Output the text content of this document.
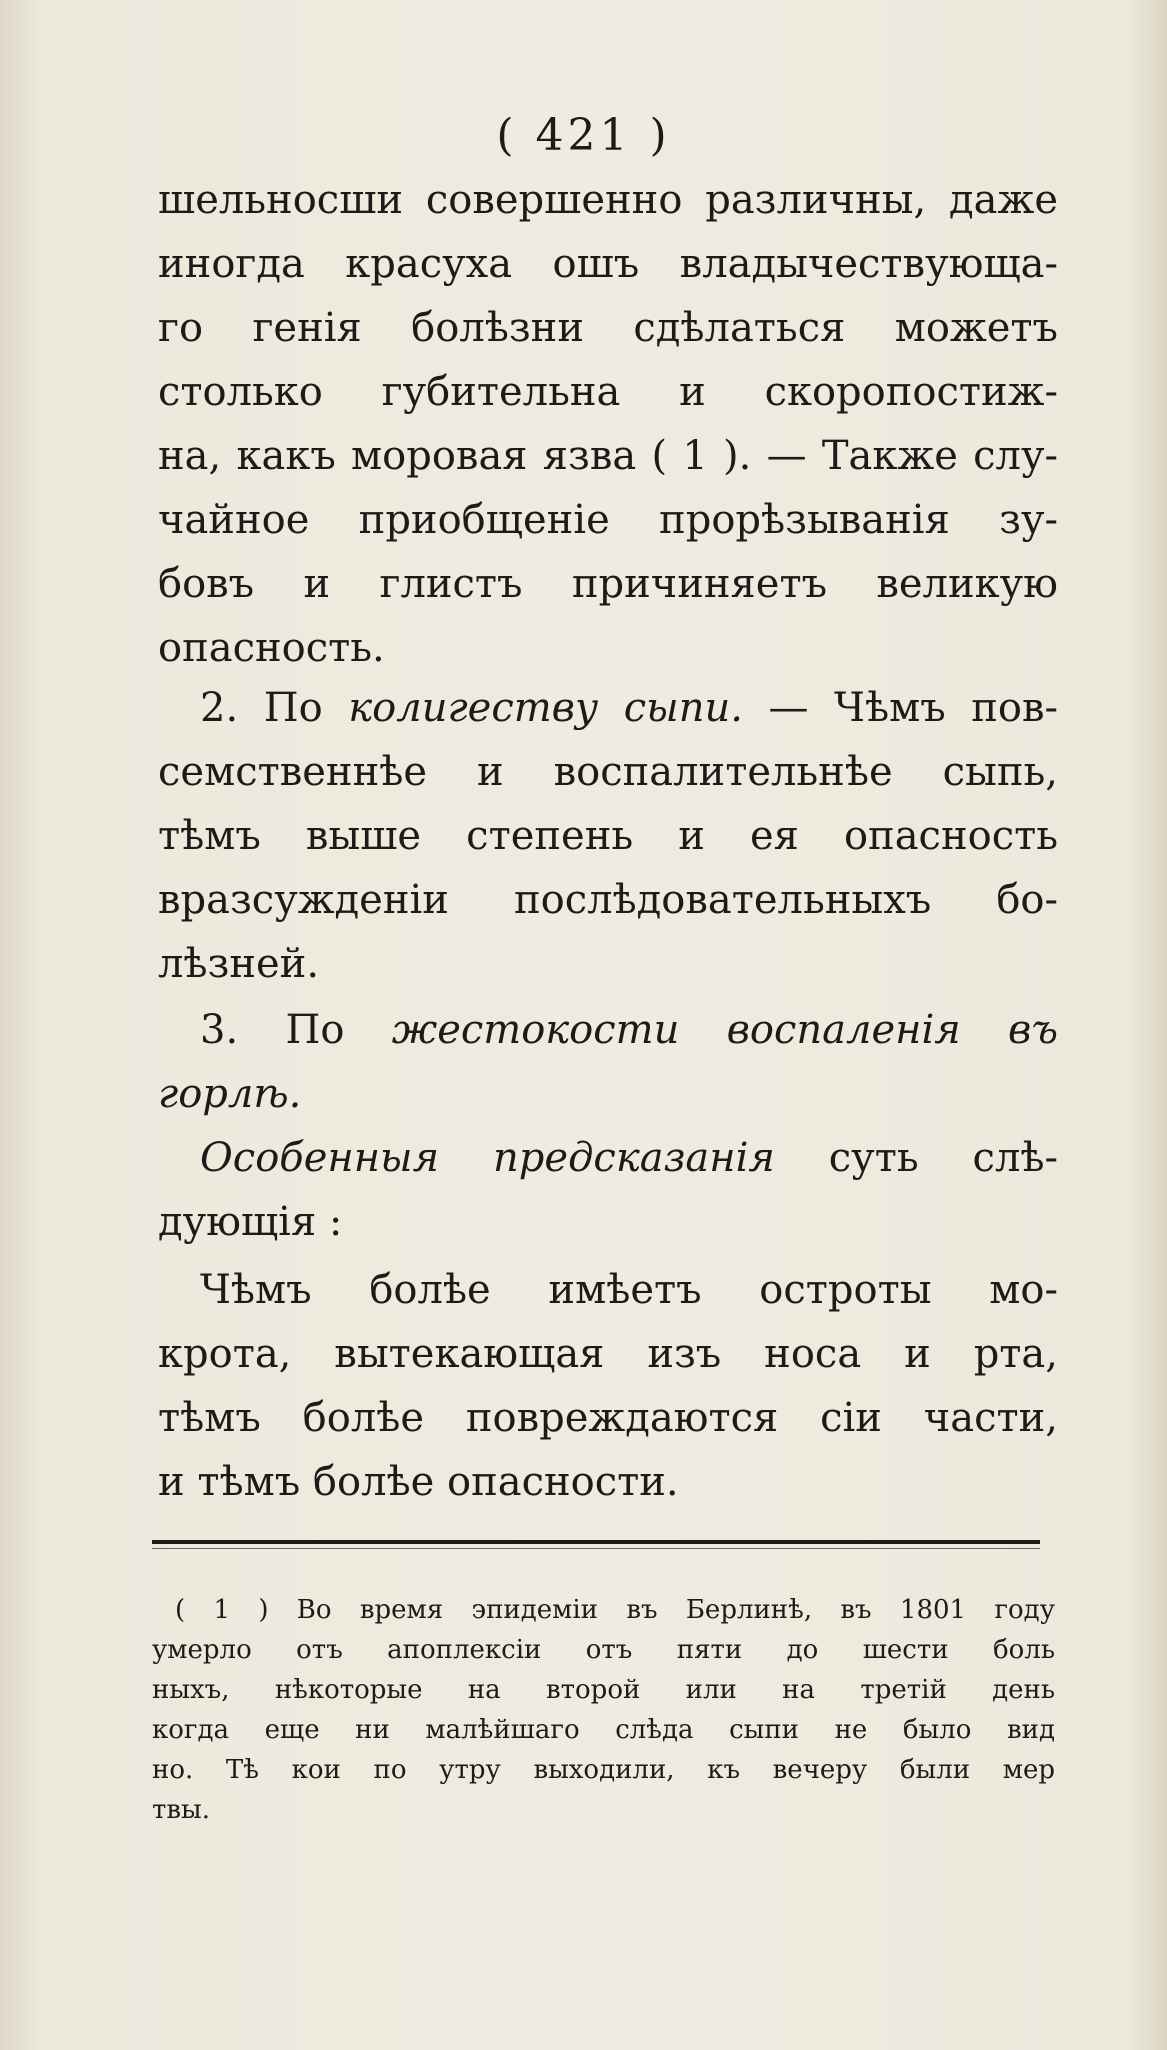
( 421 )
шельносши совершенно различны, даже
иногда красуха ошъ владычествующа-
го генія болѣзни сдѣлаться можетъ
столько губительна и скоропостиж-
на, какъ моровая язва ( 1 ). — Также слу-
чайное приобщеніе прорѣзыванія зу-
бовъ и глистъ причиняетъ великую
опасность.
2. По колигеству сыпи. — Чѣмъ пов-
семственнѣе и воспалительнѣе сыпь,
тѣмъ выше степень и ея опасность
вразсужденіи послѣдовательныхъ бо-
лѣзней.
3. По жестокости воспаленія въ
горлѣ.
Особенныя предсказанія суть слѣ-
дующія :
Чѣмъ болѣе имѣетъ остроты мо-
крота, вытекающая изъ носа и рта,
тѣмъ болѣе повреждаются сіи части,
и тѣмъ болѣе опасности.
( 1 ) Во время эпидеміи въ Берлинѣ, въ 1801 году
умерло отъ апоплексіи отъ пяти до шести боль
ныхъ, нѣкоторые на второй или на третій день
когда еще ни малѣйшаго слѣда сыпи не было вид
но. Тѣ кои по утру выходили, къ вечеру были мер
твы.
